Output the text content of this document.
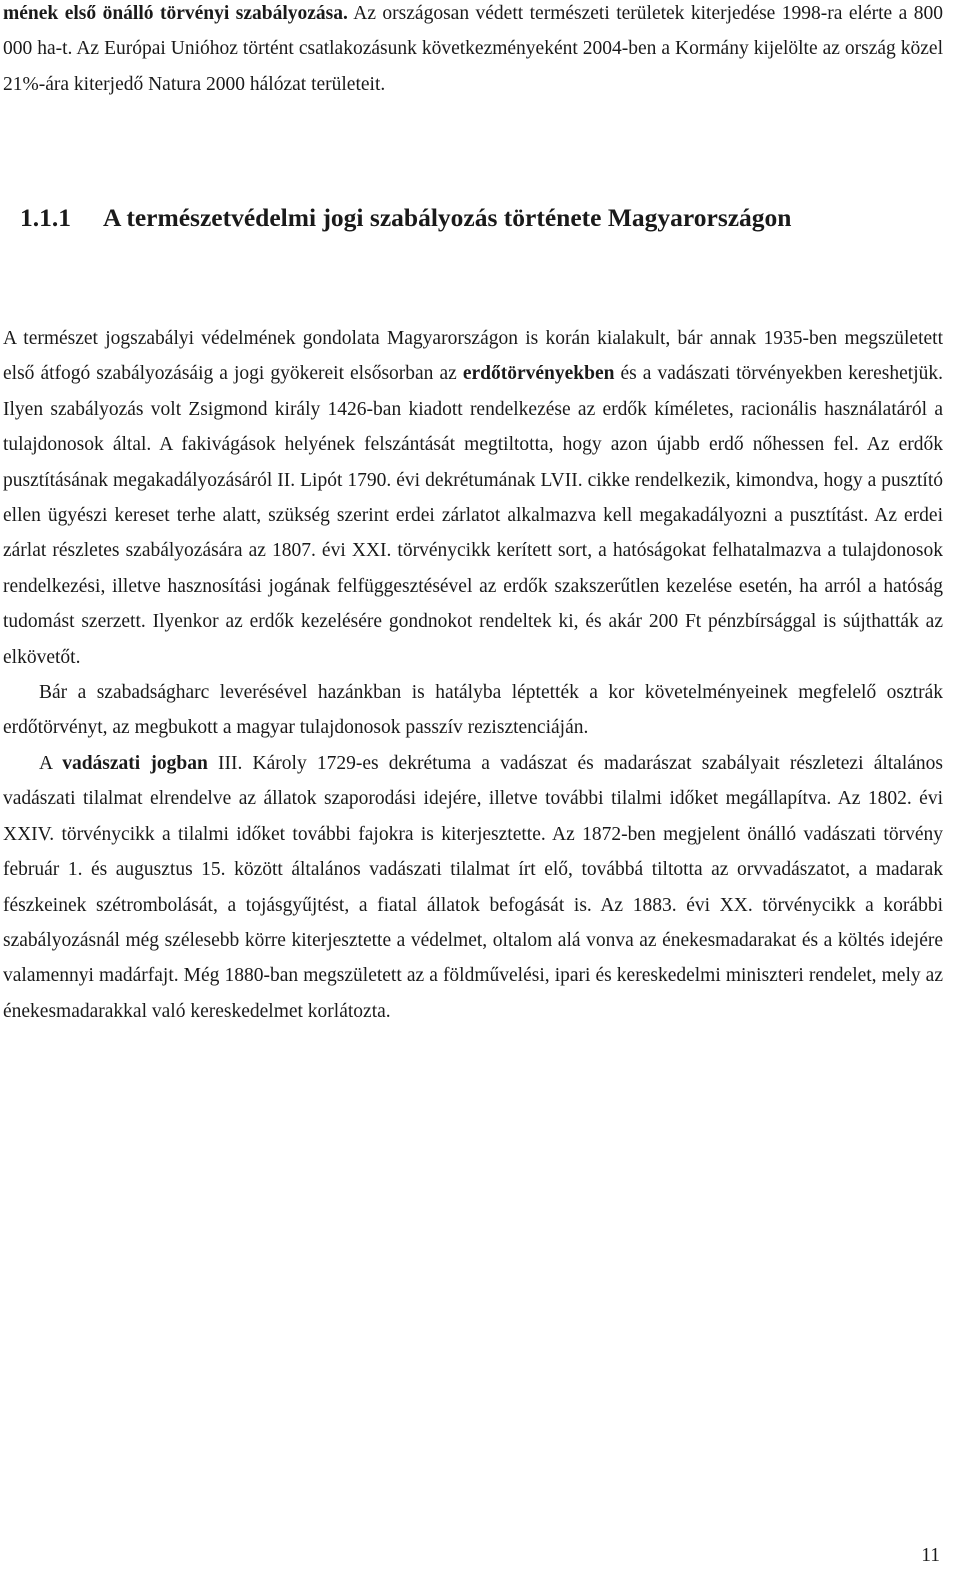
mének első önálló törvényi szabályozása. Az országosan védett természeti területek kiterjedése 1998-ra elérte a 800 000 ha-t. Az Európai Unióhoz történt csatlakozásunk következményeként 2004-ben a Kormány kijelölte az ország közel 21%-ára kiterjedő Natura 2000 hálózat területeit.

1.1.1 A természetvédelmi jogi szabályozás története Magyarországon

A természet jogszabályi védelmének gondolata Magyarországon is korán kialakult, bár annak 1935-ben megszületett első átfogó szabályozásáig a jogi gyökereit elsősorban az erdőtörvényekben és a vadászati törvényekben kereshetjük. Ilyen szabályozás volt Zsigmond király 1426-ban kiadott rendelkezése az erdők kíméletes, racionális használatáról a tulajdonosok által. A fakivágások helyének felszántását megtiltotta, hogy azon újabb erdő nőhessen fel. Az erdők pusztításának megakadályozásáról II. Lipót 1790. évi dekrétumának LVII. cikke rendelkezik, kimondva, hogy a pusztító ellen ügyészi kereset terhe alatt, szükség szerint erdei zárlatot alkalmazva kell megakadályozni a pusztítást. Az erdei zárlat részletes szabályozására az 1807. évi XXI. törvénycikk kerített sort, a hatóságokat felhatalmazva a tulajdonosok rendelkezési, illetve hasznosítási jogának felfüggesztésével az erdők szakszerűtlen kezelése esetén, ha arról a hatóság tudomást szerzett. Ilyenkor az erdők kezelésére gondnokot rendeltek ki, és akár 200 Ft pénzbírsággal is sújthatták az elkövetőt.

Bár a szabadságharc leverésével hazánkban is hatályba léptették a kor követelményeinek megfelelő osztrák erdőtörvényt, az megbukott a magyar tulajdonosok passzív rezisztenciáján.

A vadászati jogban III. Károly 1729-es dekrétuma a vadászat és madarászat szabályait részletezi általános vadászati tilalmat elrendelve az állatok szaporodási idejére, illetve további tilalmi időket megállapítva. Az 1802. évi XXIV. törvénycikk a tilalmi időket további fajokra is kiterjesztette. Az 1872-ben megjelent önálló vadászati törvény február 1. és augusztus 15. között általános vadászati tilalmat írt elő, továbbá tiltotta az orvvadászatot, a madarak fészkeinek szétrombolását, a tojásgyűjtést, a fiatal állatok befogását is. Az 1883. évi XX. törvénycikk a korábbi szabályozásnál még szélesebb körre kiterjesztette a védelmet, oltalom alá vonva az énekesmadarakat és a költés idejére valamennyi madárfajt. Még 1880-ban megszületett az a földművelési, ipari és kereskedelmi miniszteri rendelet, mely az énekesmadarakkal való kereskedelmet korlátozta.

11
